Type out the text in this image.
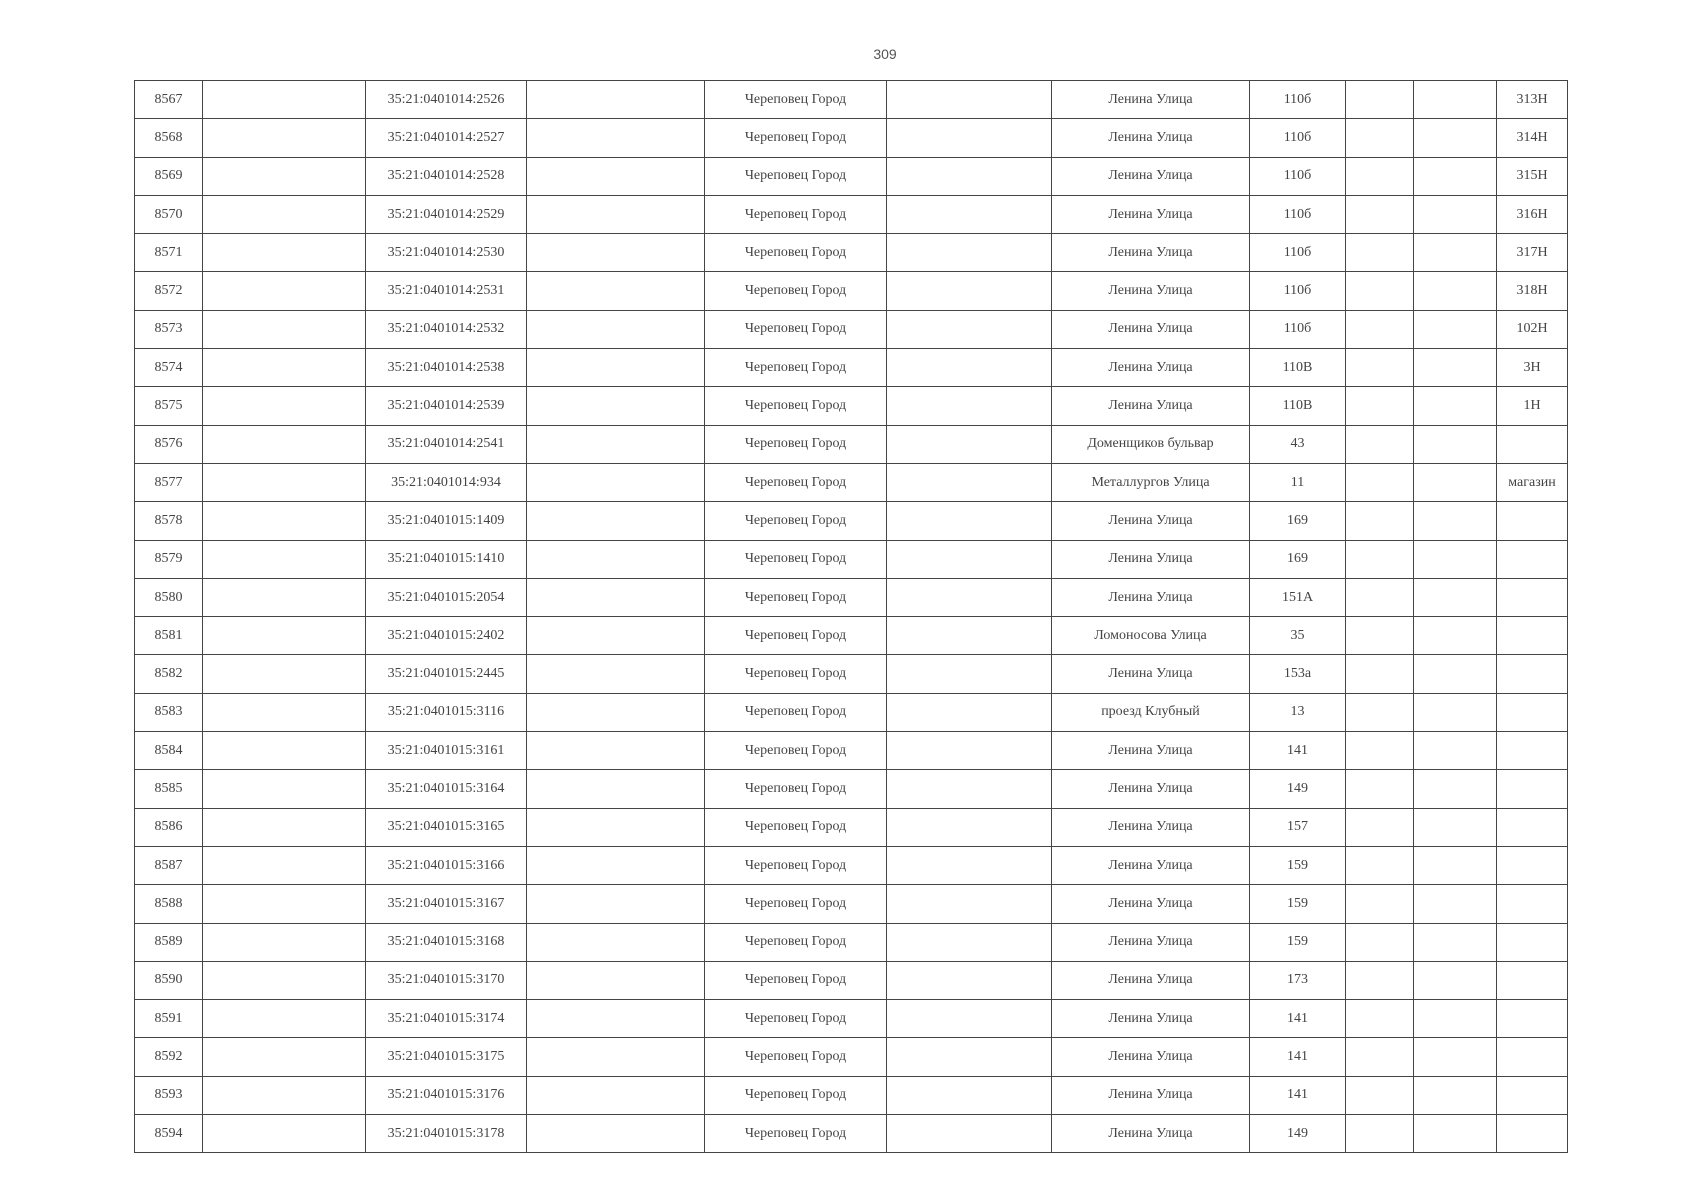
309
8567		35:21:0401014:2526		Череповец Город		Ленина Улица	110б			313Н
8568		35:21:0401014:2527		Череповец Город		Ленина Улица	110б			314Н
8569		35:21:0401014:2528		Череповец Город		Ленина Улица	110б			315Н
8570		35:21:0401014:2529		Череповец Город		Ленина Улица	110б			316Н
8571		35:21:0401014:2530		Череповец Город		Ленина Улица	110б			317Н
8572		35:21:0401014:2531		Череповец Город		Ленина Улица	110б			318Н
8573		35:21:0401014:2532		Череповец Город		Ленина Улица	110б			102Н
8574		35:21:0401014:2538		Череповец Город		Ленина Улица	110В			3Н
8575		35:21:0401014:2539		Череповец Город		Ленина Улица	110В			1Н
8576		35:21:0401014:2541		Череповец Город		Доменщиков бульвар	43			
8577		35:21:0401014:934		Череповец Город		Металлургов Улица	11			магазин
8578		35:21:0401015:1409		Череповец Город		Ленина Улица	169			
8579		35:21:0401015:1410		Череповец Город		Ленина Улица	169			
8580		35:21:0401015:2054		Череповец Город		Ленина Улица	151А			
8581		35:21:0401015:2402		Череповец Город		Ломоносова Улица	35			
8582		35:21:0401015:2445		Череповец Город		Ленина Улица	153а			
8583		35:21:0401015:3116		Череповец Город		проезд Клубный	13			
8584		35:21:0401015:3161		Череповец Город		Ленина Улица	141			
8585		35:21:0401015:3164		Череповец Город		Ленина Улица	149			
8586		35:21:0401015:3165		Череповец Город		Ленина Улица	157			
8587		35:21:0401015:3166		Череповец Город		Ленина Улица	159			
8588		35:21:0401015:3167		Череповец Город		Ленина Улица	159			
8589		35:21:0401015:3168		Череповец Город		Ленина Улица	159			
8590		35:21:0401015:3170		Череповец Город		Ленина Улица	173			
8591		35:21:0401015:3174		Череповец Город		Ленина Улица	141			
8592		35:21:0401015:3175		Череповец Город		Ленина Улица	141			
8593		35:21:0401015:3176		Череповец Город		Ленина Улица	141			
8594		35:21:0401015:3178		Череповец Город		Ленина Улица	149			
